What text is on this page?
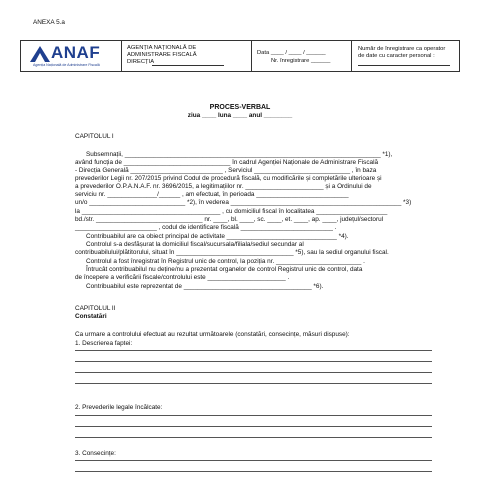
ANEXA 5.a
ANAF
Agenția Națională de Administrare Fiscală
AGENȚIA NAȚIONALĂ DE
ADMINISTRARE FISCALĂ
DIRECȚIA
Data ____ / ____ / ______
Nr. înregistrare ______
Număr de înregistrare ca operator
de date cu caracter personal :
PROCES-VERBAL
ziua ____ luna ____ anul ________
CAPITOLUL I
Subsemnații, ________________________________________________________________________ *1),
având funcția de ______________________________ în cadrul Agenției Naționale de Administrare Fiscală
- Direcția Generală __________________________ , Serviciul ___________________________ , în baza
prevederilor Legii nr. 207/2015 privind Codul de procedură fiscală, cu modificările și completările ulterioare și
a prevederilor O.P.A.N.A.F. nr. 3696/2015, a legitimațiilor nr. ______________________ și a Ordinului de
serviciu nr. ______________/______ , am efectuat, în perioada __________________________
un/o ___________________________ *2), în vederea ________________________________________________ *3)
la _______________________________________ , cu domiciliul fiscal în localitatea ____________________
bd./str. ______________________________ nr. ____, bl. ____, sc. ____, et. ____, ap. ____, județul/sectorul
_______________________ , codul de identificare fiscală __________________________ .
Contribuabilul are ca obiect principal de activitate _______________________________ *4).
Controlul s-a desfășurat la domiciliul fiscal/sucursala/filiala/sediul secundar al
contribuabilului/plătitorului, situat în _________________________________ *5), sau la sediul organului fiscal.
Controlul a fost înregistrat în Registrul unic de control, la poziția nr. ________________________ .
Întrucât contribuabilul nu deține/nu a prezentat organelor de control Registrul unic de control, data
de începere a verificării fiscale/controlului este ______________________ .
Contribuabilul este reprezentat de ____________________________________ *6).
CAPITOLUL II
Constatări
Ca urmare a controlului efectuat au rezultat următoarele (constatări, consecințe, măsuri dispuse):
1. Descrierea faptei:
2. Prevederile legale încălcate:
3. Consecințe:
